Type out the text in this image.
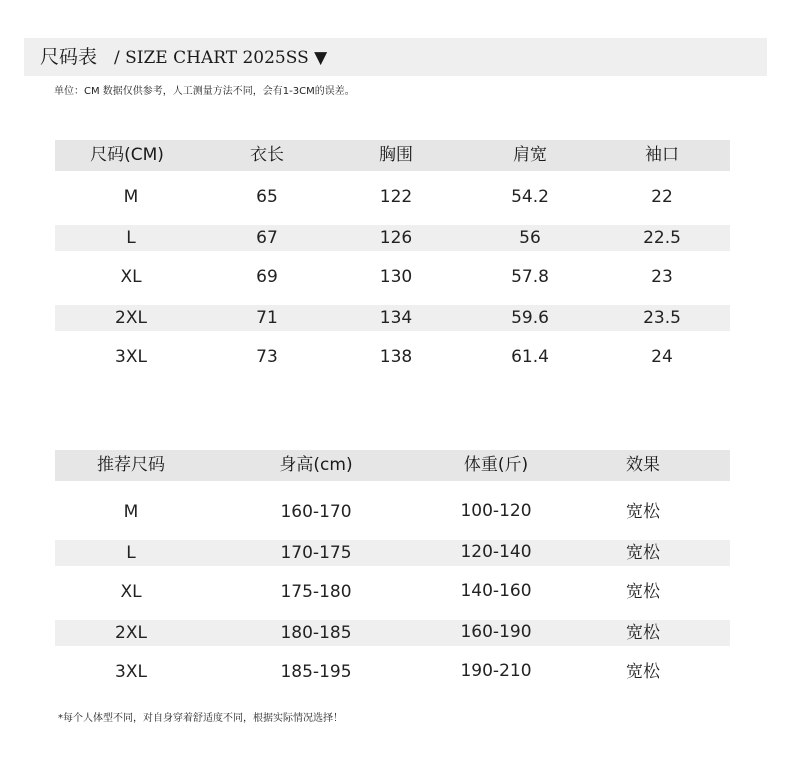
尺码表 / SIZE CHART 2025SS ▼
单位：CM 数据仅供参考，人工测量方法不同，会有1-3CM的误差。
尺码(CM)	衣长	胸围	肩宽	袖口
M	65	122	54.2	22
L	67	126	56	22.5
XL	69	130	57.8	23
2XL	71	134	59.6	23.5
3XL	73	138	61.4	24
推荐尺码	身高(cm)	体重(斤)	效果
M	160-170	100-120	宽松
L	170-175	120-140	宽松
XL	175-180	140-160	宽松
2XL	180-185	160-190	宽松
3XL	185-195	190-210	宽松
*每个人体型不同，对自身穿着舒适度不同，根据实际情况选择！
